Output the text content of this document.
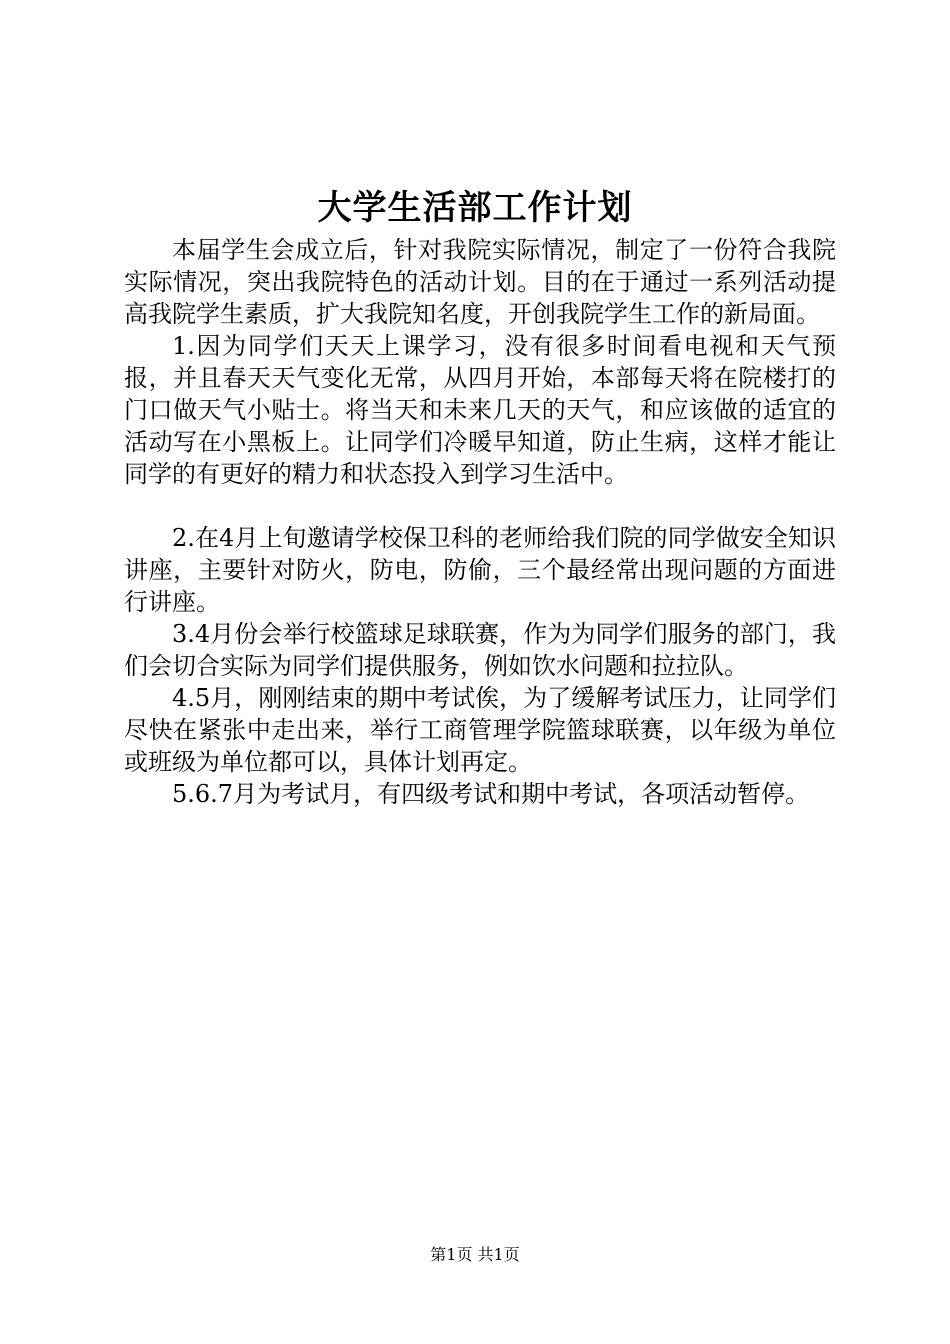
大学生活部工作计划

本届学生会成立后，针对我院实际情况，制定了一份符合我院实际情况，突出我院特色的活动计划。目的在于通过一系列活动提高我院学生素质，扩大我院知名度，开创我院学生工作的新局面。

1.因为同学们天天上课学习，没有很多时间看电视和天气预报，并且春天天气变化无常，从四月开始，本部每天将在院楼打的门口做天气小贴士。将当天和未来几天的天气，和应该做的适宜的活动写在小黑板上。让同学们冷暖早知道，防止生病，这样才能让同学的有更好的精力和状态投入到学习生活中。

2.在4月上旬邀请学校保卫科的老师给我们院的同学做安全知识讲座，主要针对防火，防电，防偷，三个最经常出现问题的方面进行讲座。

3.4月份会举行校篮球足球联赛，作为为同学们服务的部门，我们会切合实际为同学们提供服务，例如饮水问题和拉拉队。

4.5月，刚刚结束的期中考试俟，为了缓解考试压力，让同学们尽快在紧张中走出来，举行工商管理学院篮球联赛，以年级为单位或班级为单位都可以，具体计划再定。

5.6.7月为考试月，有四级考试和期中考试，各项活动暂停。

第1页 共1页
